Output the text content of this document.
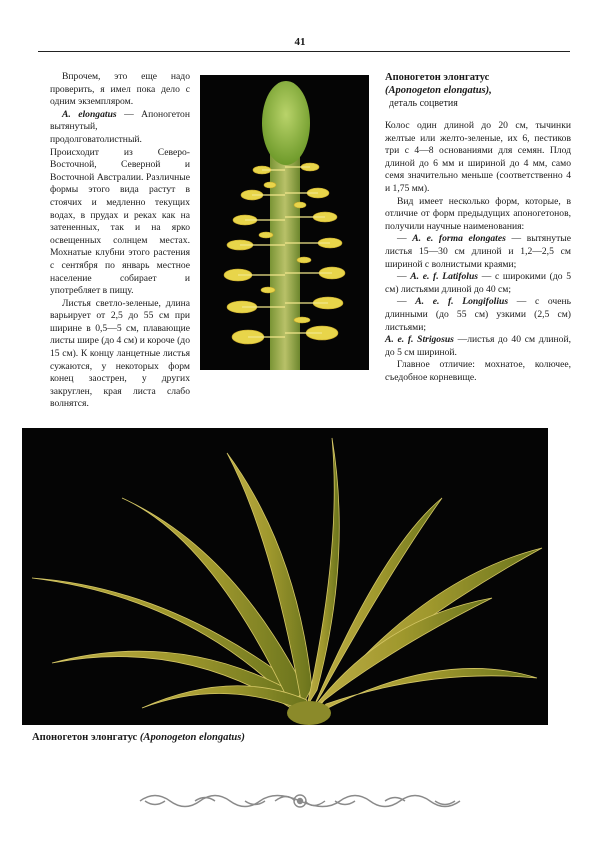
41

Впрочем, это еще надо проверить, я имел пока дело с одним экземпляром.

A. elongatus — Апоногетон вытянутый, продолговатолистный. Происходит из Северо-Восточной, Северной и Восточной Австралии. Различные формы этого вида растут в стоячих и медленно текущих водах, в прудах и реках как на затененных, так и на ярко освещенных солнцем местах. Мохнатые клубни этого растения с сентября по январь местное население собирает и употребляет в пищу.

Листья светло-зеленые, длина варьирует от 2,5 до 55 см при ширине в 0,5—5 см, плавающие листы шире (до 4 см) и короче (до 15 см). К концу ланцетные листья сужаются, у некоторых форм конец заострен, у других закруглен, края листа слабо волнятся.

Апоногетон элонгатус
(Aponogeton elongatus),
деталь соцветия

Колос один длиной до 20 см, тычинки желтые или желто-зеленые, их 6, пестиков три с 4—8 основаниями для семян. Плод длиной до 6 мм и шириной до 4 мм, само семя значительно меньше (соответственно 4 и 1,75 мм).

Вид имеет несколько форм, которые, в отличие от форм предыдущих апоногетонов, получили научные наименования:

— A. e. forma elongates — вытянутые листья 15—30 см длиной и 1,2—2,5 см шириной с волнистыми краями;

— A. e. f. Latifolus — с широкими (до 5 см) листьями длиной до 40 см;

— A. e. f. Longifolius — с очень длинными (до 55 см) узкими (2,5 см) листьями;

A. e. f. Strigosus —листья до 40 см длиной, до 5 см шириной.

Главное отличие: мохнатое, колючее, съедобное корневище.

Апоногетон элонгатус (Aponogeton elongatus)
